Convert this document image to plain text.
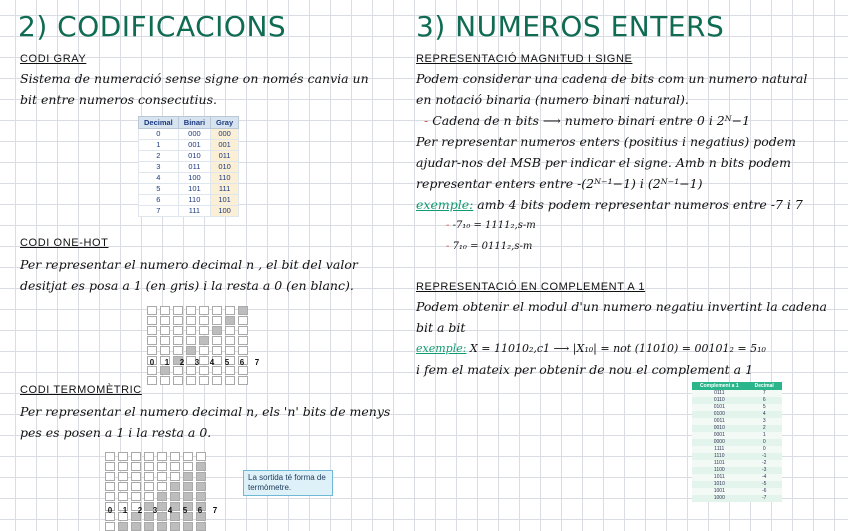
2) CODIFICACIONS
CODI GRAY
Sistema de numeració sense signe on només canvia un
bit entre numeros consecutius.
Decimal	Binari	Gray
0	000	000
1	001	001
2	010	011
3	011	010
4	100	110
5	101	111
6	110	101
7	111	100
CODI ONE-HOT
Per representar el numero decimal n , el bit del valor
desitjat es posa a 1 (en gris) i la resta a 0 (en blanc).
0	1	2	3	4	5	6	7
CODI TERMOMÈTRIC
Per representar el numero decimal n, els 'n' bits de menys
pes es posen a 1 i la resta a 0.
0	1	2	3	4	5	6	7
La sortida té forma de termòmetre.
3) NUMEROS ENTERS
REPRESENTACIÓ MAGNITUD I SIGNE
Podem considerar una cadena de bits com un numero natural
en notació binaria (numero binari natural).
- Cadena de n bits ⟶ numero binari entre 0 i 2ᴺ−1
Per representar numeros enters (positius i negatius) podem
ajudar-nos del MSB per indicar el signe. Amb n bits podem
representar enters entre -(2ᴺ⁻¹−1) i (2ᴺ⁻¹−1)
exemple: amb 4 bits podem representar numeros entre -7 i 7
- -7₁₀ = 1111₂,s-m
- 7₁₀ = 0111₂,s-m
REPRESENTACIÓ EN COMPLEMENT A 1
Podem obtenir el modul d'un numero negatiu invertint la cadena
bit a bit
exemple: X = 11010₂,c1 ⟶ |X₁₀| = not (11010) = 00101₂ = 5₁₀
i fem el mateix per obtenir de nou el complement a 1
Complement a 1	Decimal
0111	7
0110	6
0101	5
0100	4
0011	3
0010	2
0001	1
0000	0
1111	0
1110	-1
1101	-2
1100	-3
1011	-4
1010	-5
1001	-6
1000	-7
